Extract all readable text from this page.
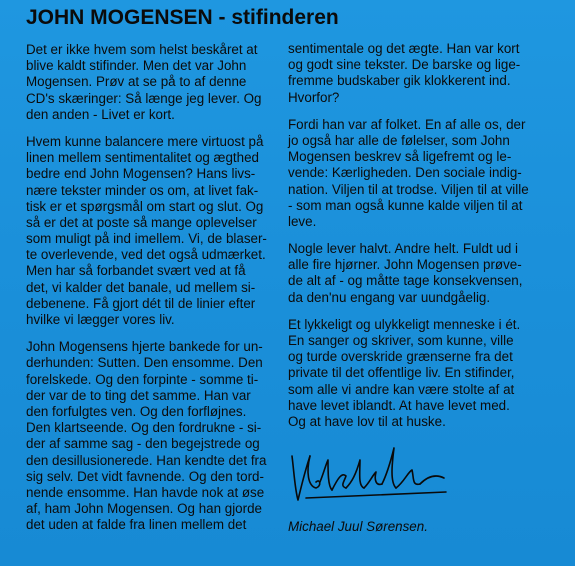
JOHN MOGENSEN - stifinderen
Det er ikke hvem som helst beskåret at
blive kaldt stifinder. Men det var John
Mogensen. Prøv at se på to af denne
CD's skæringer: Så længe jeg lever. Og
den anden - Livet er kort.
Hvem kunne balancere mere virtuost på
linen mellem sentimentalitet og ægthed
bedre end John Mogensen? Hans livs-
nære tekster minder os om, at livet fak-
tisk er et spørgsmål om start og slut. Og
så er det at poste så mange oplevelser
som muligt på ind imellem. Vi, de blaser-
te overlevende, ved det også udmærket.
Men har så forbandet svært ved at få
det, vi kalder det banale, ud mellem si-
debenene. Få gjort dét til de linier efter
hvilke vi lægger vores liv.
John Mogensens hjerte bankede for un-
derhunden: Sutten. Den ensomme. Den
forelskede. Og den forpinte - somme ti-
der var de to ting det samme. Han var
den forfulgtes ven. Og den forfløjnes.
Den klartseende. Og den fordrukne - si-
der af samme sag - den begejstrede og
den desillusionerede. Han kendte det fra
sig selv. Det vidt favnende. Og den tord-
nende ensomme. Han havde nok at øse
af, ham John Mogensen. Og han gjorde
det uden at falde fra linen mellem det
sentimentale og det ægte. Han var kort
og godt sine tekster. De barske og lige-
fremme budskaber gik klokkerent ind.
Hvorfor?
Fordi han var af folket. En af alle os, der
jo også har alle de følelser, som John
Mogensen beskrev så ligefremt og le-
vende: Kærligheden. Den sociale indig-
nation. Viljen til at trodse. Viljen til at ville
- som man også kunne kalde viljen til at
leve.
Nogle lever halvt. Andre helt. Fuldt ud i
alle fire hjørner. John Mogensen prøve-
de alt af - og måtte tage konsekvensen,
da den'nu engang var uundgåelig.
Et lykkeligt og ulykkeligt menneske i ét.
En sanger og skriver, som kunne, ville
og turde overskride grænserne fra det
private til det offentlige liv. En stifinder,
som alle vi andre kan være stolte af at
have levet iblandt. At have levet med.
Og at have lov til at huske.

Michael Juul Sørensen.
